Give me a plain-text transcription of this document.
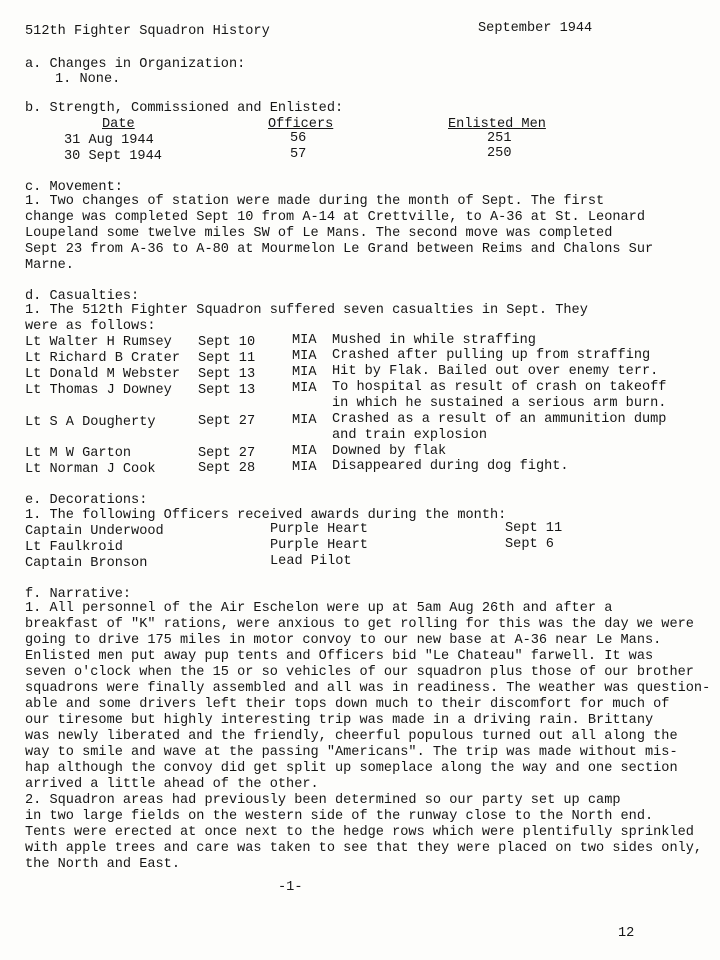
512th Fighter Squadron History	September 1944
a. Changes in Organization:
1. None.
b. Strength, Commissioned and Enlisted:
Date	Officers	Enlisted Men
31 Aug 1944	56	251
30 Sept 1944	57	250
c. Movement:
1. Two changes of station were made during the month of Sept. The first
change was completed Sept 10 from A-14 at Crettville, to A-36 at St. Leonard
Loupeland some twelve miles SW of Le Mans. The second move was completed
Sept 23 from A-36 to A-80 at Mourmelon Le Grand between Reims and Chalons Sur
Marne.
d. Casualties:
1. The 512th Fighter Squadron suffered seven casualties in Sept. They
were as follows:
Lt Walter H Rumsey Sept 10	MIA Mushed in while straffing
Lt Richard B Crater Sept 11	MIA Crashed after pulling up from straffing
Lt Donald M Webster Sept 13	MIA Hit by Flak. Bailed out over enemy terr.
Lt Thomas J Downey Sept 13	MIA To hospital as result of crash on takeoff
in which he sustained a serious arm burn.
Lt S A Dougherty	Sept 27	MIA Crashed as a result of an ammunition dump
and train explosion
Lt M W Garton	Sept 27	MIA Downed by flak
Lt Norman J Cook	Sept 28	MIA Disappeared during dog fight.
e. Decorations:
1. The following Officers received awards during the month:
Captain Underwood	Purple Heart	Sept 11
Lt Faulkroid	Purple Heart	Sept 6
Captain Bronson	Lead Pilot
f. Narrative:
1. All personnel of the Air Eschelon were up at 5am Aug 26th and after a
breakfast of "K" rations, were anxious to get rolling for this was the day we were
going to drive 175 miles in motor convoy to our new base at A-36 near Le Mans.
Enlisted men put away pup tents and Officers bid "Le Chateau" farwell. It was
seven o'clock when the 15 or so vehicles of our squadron plus those of our brother
squadrons were finally assembled and all was in readiness. The weather was question-
able and some drivers left their tops down much to their discomfort for much of
our tiresome but highly interesting trip was made in a driving rain. Brittany
was newly liberated and the friendly, cheerful populous turned out all along the
way to smile and wave at the passing "Americans". The trip was made without mis-
hap although the convoy did get split up someplace along the way and one section
arrived a little ahead of the other.
2. Squadron areas had previously been determined so our party set up camp
in two large fields on the western side of the runway close to the North end.
Tents were erected at once next to the hedge rows which were plentifully sprinkled
with apple trees and care was taken to see that they were placed on two sides only,
the North and East.
-1-
12
